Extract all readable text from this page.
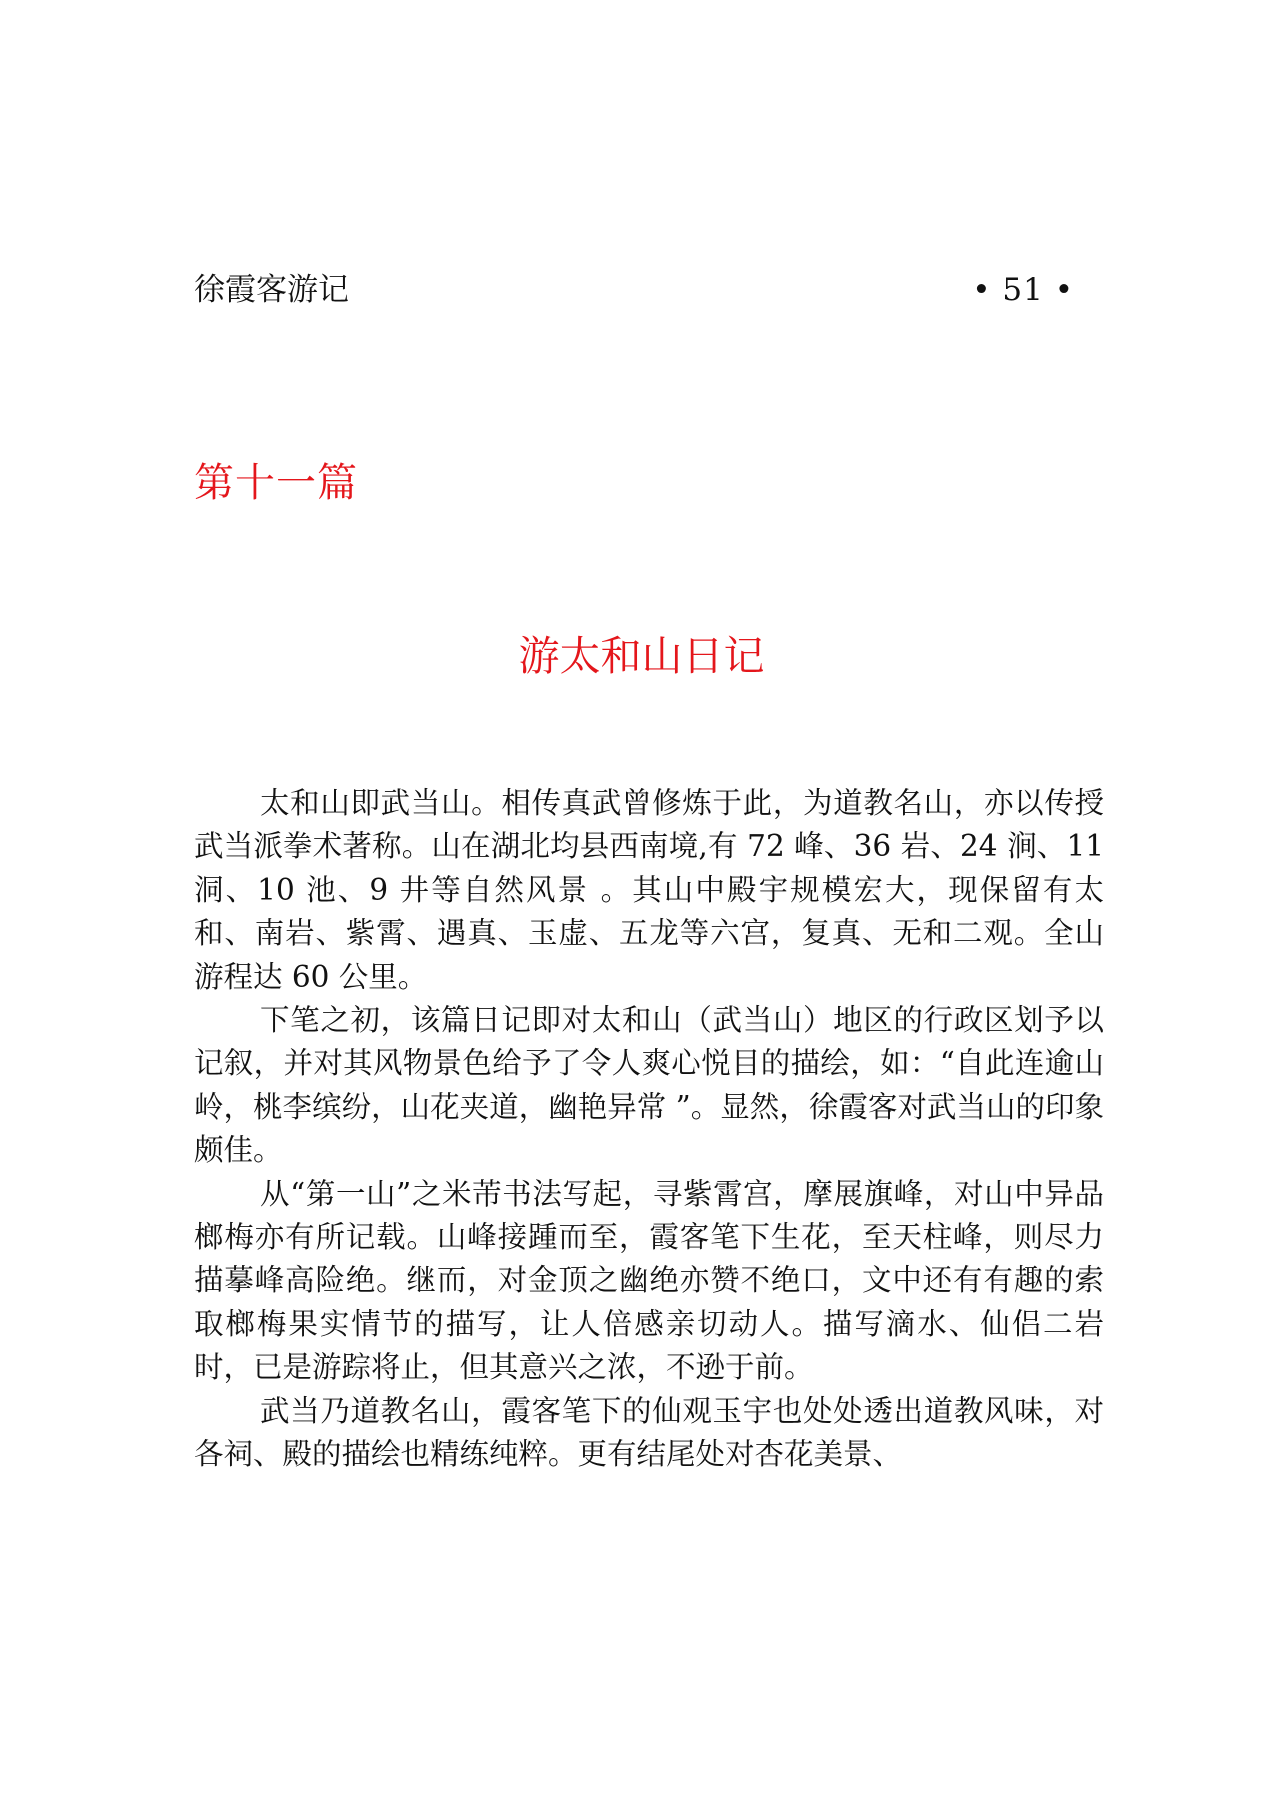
徐霞客游记	• 51 •
第十一篇
游太和山日记

太和山即武当山。相传真武曾修炼于此，为道教名山，亦以传授武当派拳术著称。山在湖北均县西南境,有 72 峰、36 岩、24 涧、11 洞、10 池、9 井等自然风景 。其山中殿宇规模宏大，现保留有太和、南岩、紫霄、遇真、玉虚、五龙等六宫，复真、无和二观。全山游程达 60 公里。

下笔之初，该篇日记即对太和山（武当山）地区的行政区划予以记叙，并对其风物景色给予了令人爽心悦目的描绘，如：“自此连逾山岭，桃李缤纷，山花夹道，幽艳异常 ”。显然，徐霞客对武当山的印象颇佳。

从“第一山”之米芾书法写起，寻紫霄宫，摩展旗峰，对山中异品榔梅亦有所记载。山峰接踵而至，霞客笔下生花，至天柱峰，则尽力描摹峰高险绝。继而，对金顶之幽绝亦赞不绝口，文中还有有趣的索取榔梅果实情节的描写，让人倍感亲切动人。描写滴水、仙侣二岩时，已是游踪将止，但其意兴之浓，不逊于前。

武当乃道教名山，霞客笔下的仙观玉宇也处处透出道教风味，对各祠、殿的描绘也精练纯粹。更有结尾处对杏花美景、
